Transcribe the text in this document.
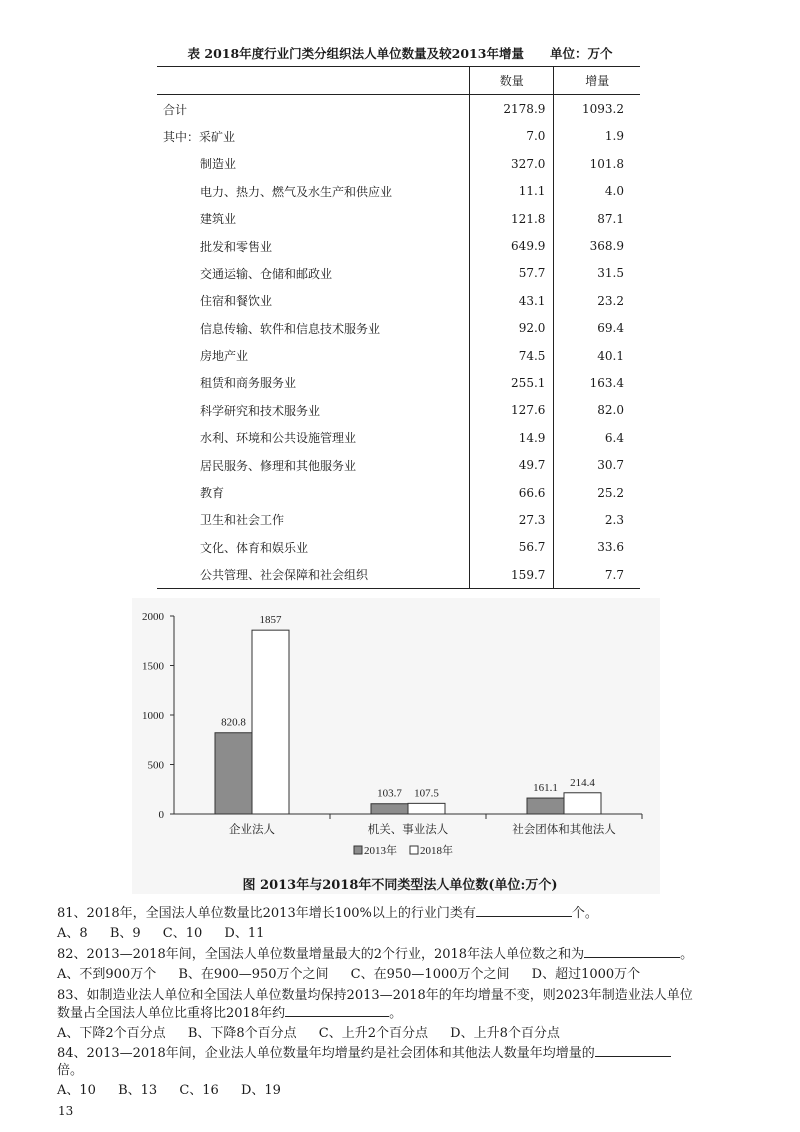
表 2018年度行业门类分组织法人单位数量及较2013年增量 单位：万个
	数量	增量
合计	2178.9	1093.2
其中：采矿业	7.0	1.9
制造业	327.0	101.8
电力、热力、燃气及水生产和供应业	11.1	4.0
建筑业	121.8	87.1
批发和零售业	649.9	368.9
交通运输、仓储和邮政业	57.7	31.5
住宿和餐饮业	43.1	23.2
信息传输、软件和信息技术服务业	92.0	69.4
房地产业	74.5	40.1
租赁和商务服务业	255.1	163.4
科学研究和技术服务业	127.6	82.0
水利、环境和公共设施管理业	14.9	6.4
居民服务、修理和其他服务业	49.7	30.7
教育	66.6	25.2
卫生和社会工作	27.3	2.3
文化、体育和娱乐业	56.7	33.6
公共管理、社会保障和社会组织	159.7	7.7
0
500
1000
1500
2000
820.8
1857
企业法人
103.7 107.5
机关、事业法人
161.1 214.4
社会团体和其他法人
2013年 2018年
图 2013年与2018年不同类型法人单位数(单位:万个)
81、2018年，全国法人单位数量比2013年增长100%以上的行业门类有	个。
A、8 B、9 C、10 D、11
82、2013—2018年间，全国法人单位数量增量最大的2个行业，2018年法人单位数之和为	。
A、不到900万个 B、在900—950万个之间 C、在950—1000万个之间 D、超过1000万个
83、如制造业法人单位和全国法人单位数量均保持2013—2018年的年均增量不变，则2023年制造业法人单位
数量占全国法人单位比重将比2018年约	。
A、下降2个百分点 B、下降8个百分点 C、上升2个百分点 D、上升8个百分点
84、2013—2018年间，企业法人单位数量年均增量约是社会团体和其他法人数量年均增量的
倍。
A、10 B、13 C、16 D、19
13
